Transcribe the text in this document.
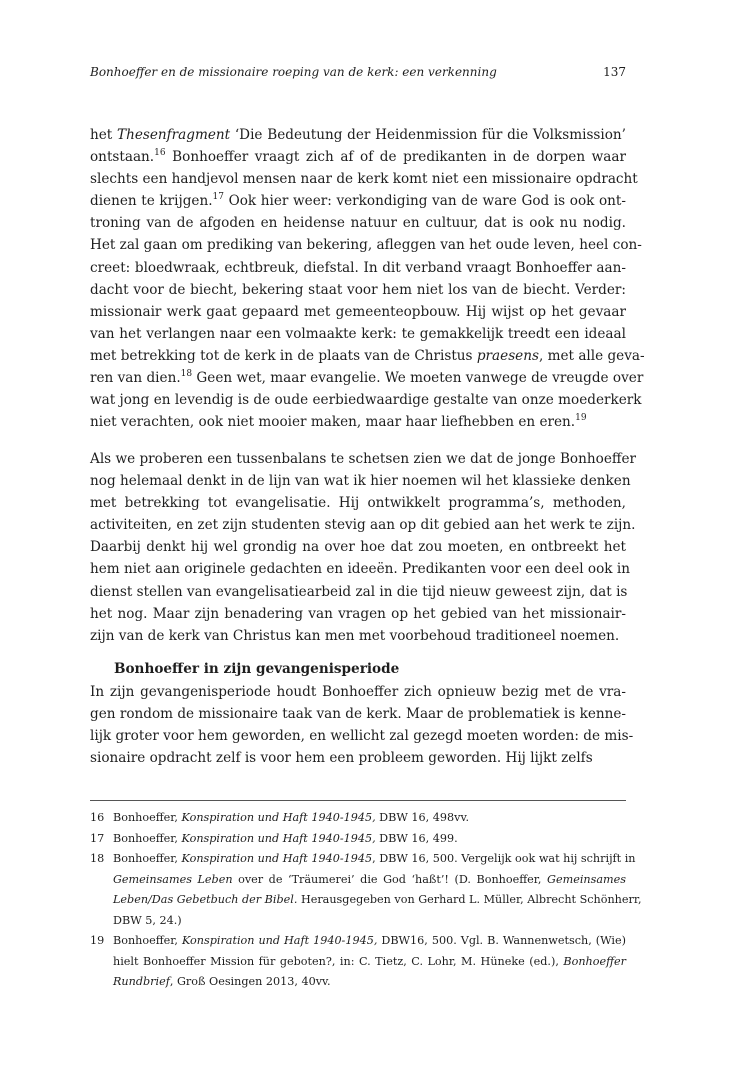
Bonhoeffer en de missionaire roeping van de kerk: een verkenning	137
het Thesenfragment ‘Die Bedeutung der Heidenmission für die Volksmission’
ontstaan.$^{16}$ Bonhoeffer vraagt zich af of de predikanten in de dorpen waar
slechts een handjevol mensen naar de kerk komt niet een missionaire opdracht
dienen te krijgen.$^{17}$ Ook hier weer: verkondiging van de ware God is ook ont-
troning van de afgoden en heidense natuur en cultuur, dat is ook nu nodig.
Het zal gaan om prediking van bekering, afleggen van het oude leven, heel con-
creet: bloedwraak, echtbreuk, diefstal. In dit verband vraagt Bonhoeffer aan-
dacht voor de biecht, bekering staat voor hem niet los van de biecht. Verder:
missionair werk gaat gepaard met gemeenteopbouw. Hij wijst op het gevaar
van het verlangen naar een volmaakte kerk: te gemakkelijk treedt een ideaal
met betrekking tot de kerk in de plaats van de Christus praesens, met alle geva-
ren van dien.$^{18}$ Geen wet, maar evangelie. We moeten vanwege de vreugde over
wat jong en levendig is de oude eerbiedwaardige gestalte van onze moederkerk
niet verachten, ook niet mooier maken, maar haar liefhebben en eren.$^{19}$
Als we proberen een tussenbalans te schetsen zien we dat de jonge Bonhoeffer
nog helemaal denkt in de lijn van wat ik hier noemen wil het klassieke denken
met betrekking tot evangelisatie. Hij ontwikkelt programma’s, methoden,
activiteiten, en zet zijn studenten stevig aan op dit gebied aan het werk te zijn.
Daarbij denkt hij wel grondig na over hoe dat zou moeten, en ontbreekt het
hem niet aan originele gedachten en ideeën. Predikanten voor een deel ook in
dienst stellen van evangelisatiearbeid zal in die tijd nieuw geweest zijn, dat is
het nog. Maar zijn benadering van vragen op het gebied van het missionair-
zijn van de kerk van Christus kan men met voorbehoud traditioneel noemen.
Bonhoeffer in zijn gevangenisperiode
In zijn gevangenisperiode houdt Bonhoeffer zich opnieuw bezig met de vra-
gen rondom de missionaire taak van de kerk. Maar de problematiek is kenne-
lijk groter voor hem geworden, en wellicht zal gezegd moeten worden: de mis-
sionaire opdracht zelf is voor hem een probleem geworden. Hij lijkt zelfs
16 Bonhoeffer, Konspiration und Haft 1940-1945, DBW 16, 498vv.
17 Bonhoeffer, Konspiration und Haft 1940-1945, DBW 16, 499.
18 Bonhoeffer, Konspiration und Haft 1940-1945, DBW 16, 500. Vergelijk ook wat hij schrijft in
Gemeinsames Leben over de ‘Träumerei’ die God ‘haßt’! (D. Bonhoeffer, Gemeinsames
Leben/Das Gebetbuch der Bibel. Herausgegeben von Gerhard L. Müller, Albrecht Schönherr,
DBW 5, 24.)
19 Bonhoeffer, Konspiration und Haft 1940-1945, DBW16, 500. Vgl. B. Wannenwetsch, (Wie)
hielt Bonhoeffer Mission für geboten?, in: C. Tietz, C. Lohr, M. Hüneke (ed.), Bonhoeffer
Rundbrief, Groß Oesingen 2013, 40vv.
